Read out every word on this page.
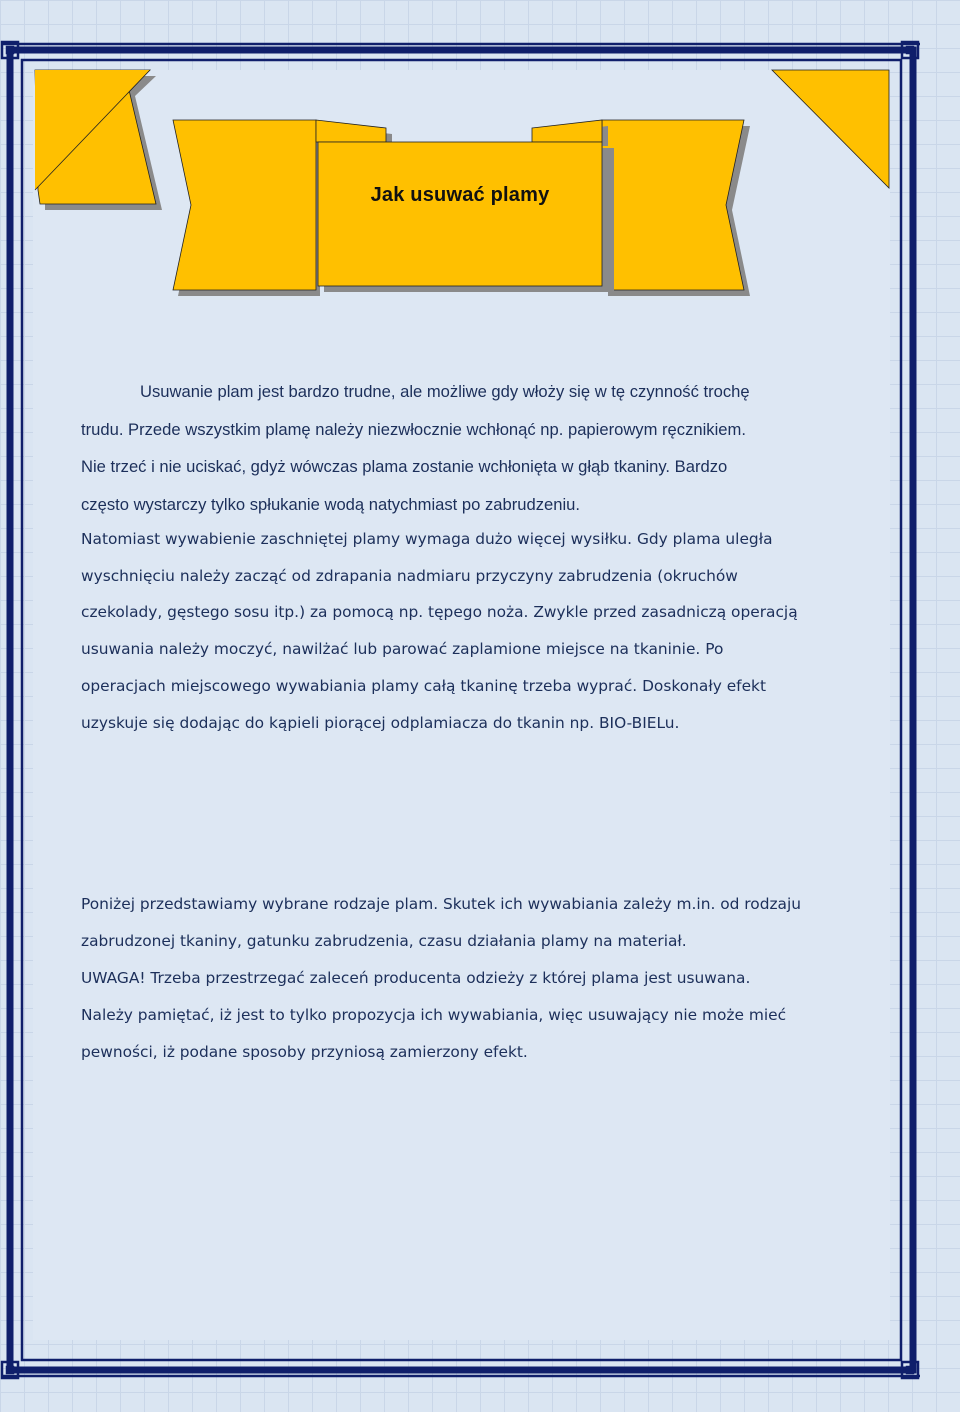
Jak usuwać plamy
Usuwanie plam jest bardzo trudne, ale możliwe gdy włoży się w tę czynność trochę
trudu. Przede wszystkim plamę należy niezwłocznie wchłonąć np. papierowym ręcznikiem.
Nie trzeć i nie uciskać, gdyż wówczas plama zostanie wchłonięta w głąb tkaniny. Bardzo
często wystarczy tylko spłukanie wodą natychmiast po zabrudzeniu.
Natomiast wywabienie zaschniętej plamy wymaga dużo więcej wysiłku. Gdy plama uległa
wyschnięciu należy zacząć od zdrapania nadmiaru przyczyny zabrudzenia (okruchów
czekolady, gęstego sosu itp.) za pomocą np. tępego noża. Zwykle przed zasadniczą operacją
usuwania należy moczyć, nawilżać lub parować zaplamione miejsce na tkaninie. Po
operacjach miejscowego wywabiania plamy całą tkaninę trzeba wyprać. Doskonały efekt
uzyskuje się dodając do kąpieli piorącej odplamiacza do tkanin np. BIO-BIELu.
Poniżej przedstawiamy wybrane rodzaje plam. Skutek ich wywabiania zależy m.in. od rodzaju
zabrudzonej tkaniny, gatunku zabrudzenia, czasu działania plamy na materiał.
UWAGA! Trzeba przestrzegać zaleceń producenta odzieży z której plama jest usuwana.
Należy pamiętać, iż jest to tylko propozycja ich wywabiania, więc usuwający nie może mieć
pewności, iż podane sposoby przyniosą zamierzony efekt.
